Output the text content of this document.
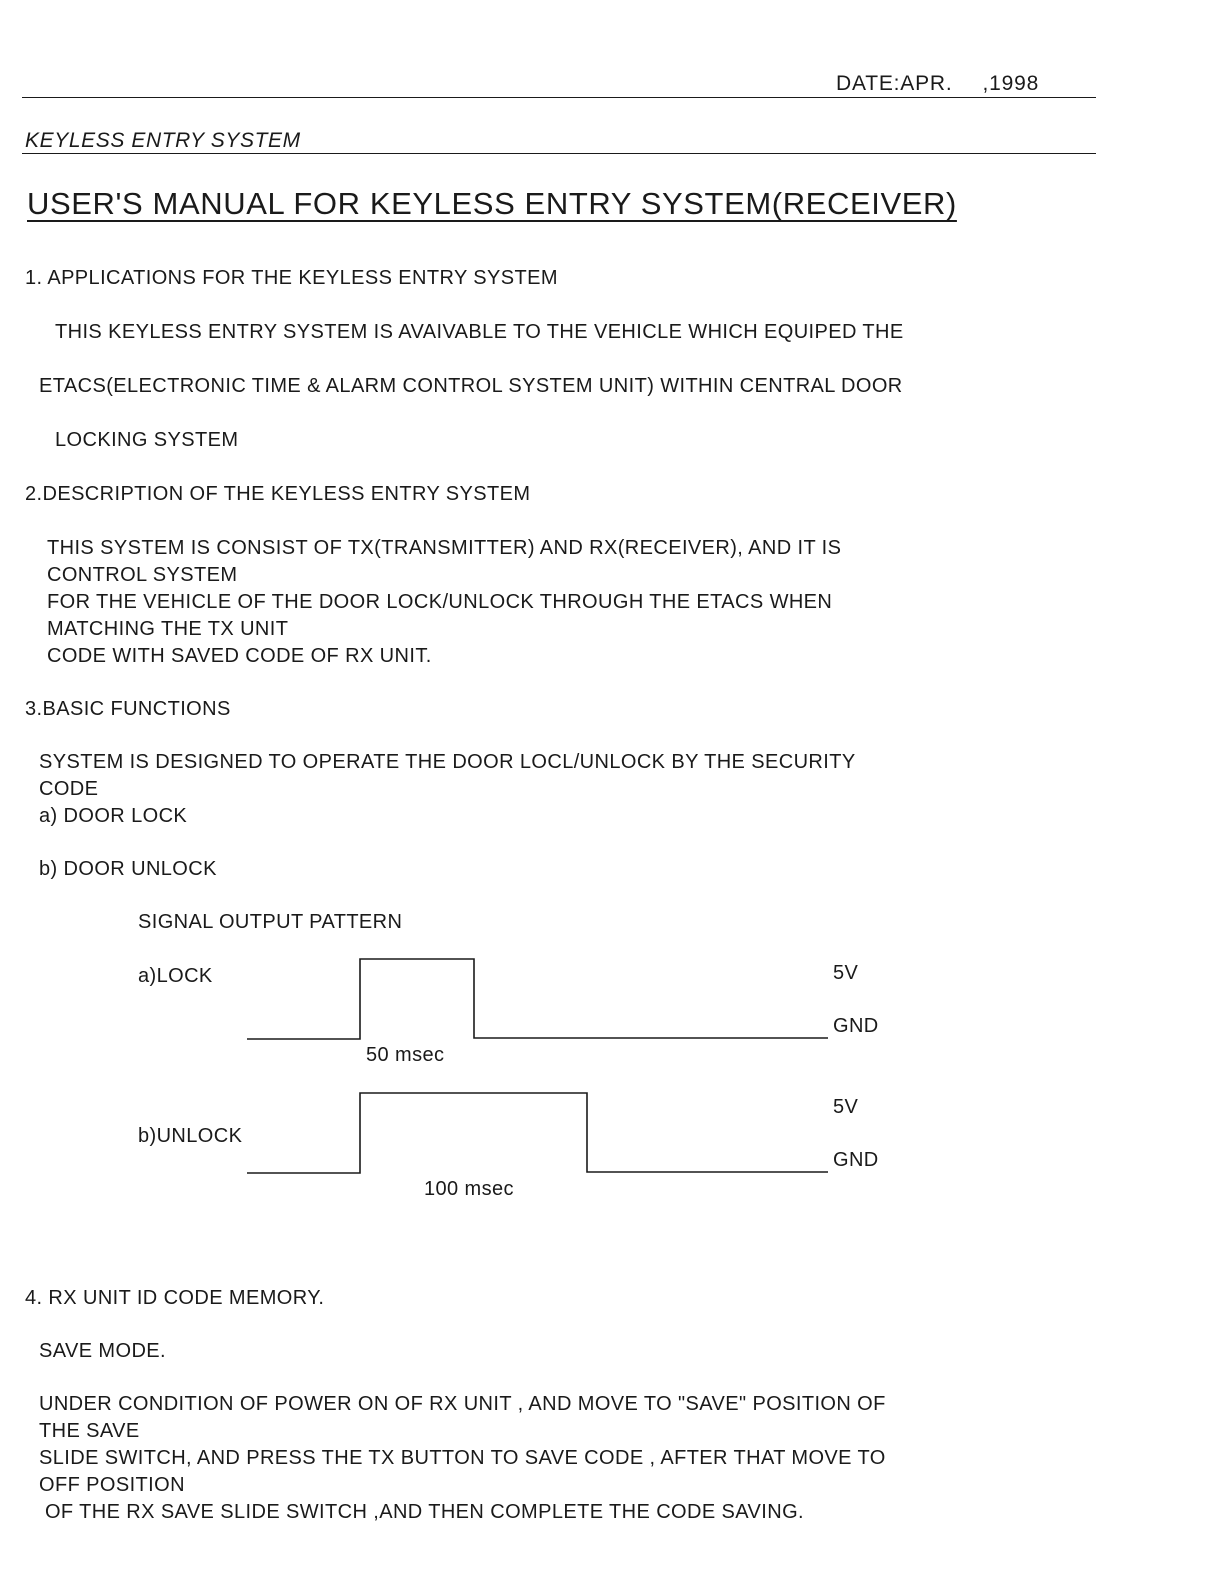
DATE:APR. ,1998
KEYLESS ENTRY SYSTEM
USER'S MANUAL FOR KEYLESS ENTRY SYSTEM(RECEIVER)
1. APPLICATIONS FOR THE KEYLESS ENTRY SYSTEM
THIS KEYLESS ENTRY SYSTEM IS AVAIVABLE TO THE VEHICLE WHICH EQUIPED THE
ETACS(ELECTRONIC TIME & ALARM CONTROL SYSTEM UNIT) WITHIN CENTRAL DOOR
LOCKING SYSTEM
2.DESCRIPTION OF THE KEYLESS ENTRY SYSTEM
THIS SYSTEM IS CONSIST OF TX(TRANSMITTER) AND RX(RECEIVER), AND IT IS
CONTROL SYSTEM
FOR THE VEHICLE OF THE DOOR LOCK/UNLOCK THROUGH THE ETACS WHEN
MATCHING THE TX UNIT
CODE WITH SAVED CODE OF RX UNIT.
3.BASIC FUNCTIONS
SYSTEM IS DESIGNED TO OPERATE THE DOOR LOCL/UNLOCK BY THE SECURITY
CODE
a) DOOR LOCK
b) DOOR UNLOCK
SIGNAL OUTPUT PATTERN
a)LOCK	5V
GND
50 msec
5V
b)UNLOCK
GND
100 msec
4. RX UNIT ID CODE MEMORY.
SAVE MODE.
UNDER CONDITION OF POWER ON OF RX UNIT , AND MOVE TO "SAVE" POSITION OF
THE SAVE
SLIDE SWITCH, AND PRESS THE TX BUTTON TO SAVE CODE , AFTER THAT MOVE TO
OFF POSITION
OF THE RX SAVE SLIDE SWITCH ,AND THEN COMPLETE THE CODE SAVING.
